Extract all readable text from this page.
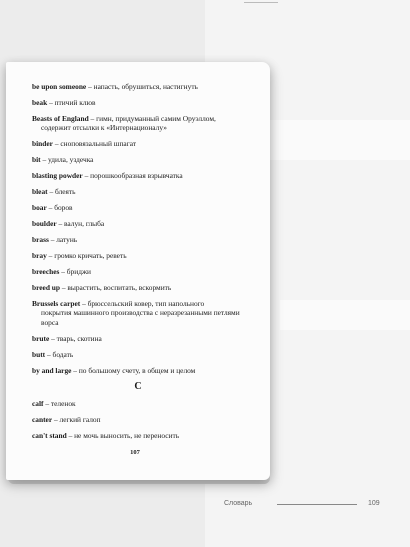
be upon someone – напасть, обрушиться, настигнуть
beak – птичий клюв
Beasts of England – гимн, придуманный самим Оруэллом,
содержит отсылки к «Интернационалу»
binder – сноповязальный шпагат
bit – удила, уздечка
blasting powder – порошкообразная взрывчатка
bleat – блеять
boar – боров
boulder – валун, глыба
brass – латунь
bray – громко кричать, реветь
breeches – бриджи
breed up – вырастить, воспитать, вскормить
Brussels carpet – брюссельский ковер, тип напольного
покрытия машинного производства с неразрезанными петлями ворса
brute – тварь, скотина
butt – бодать
by and large – по большому счету, в общем и целом
C
calf – теленок
canter – легкий галоп
can't stand – не мочь выносить, не переносить
107
Словарь	109
